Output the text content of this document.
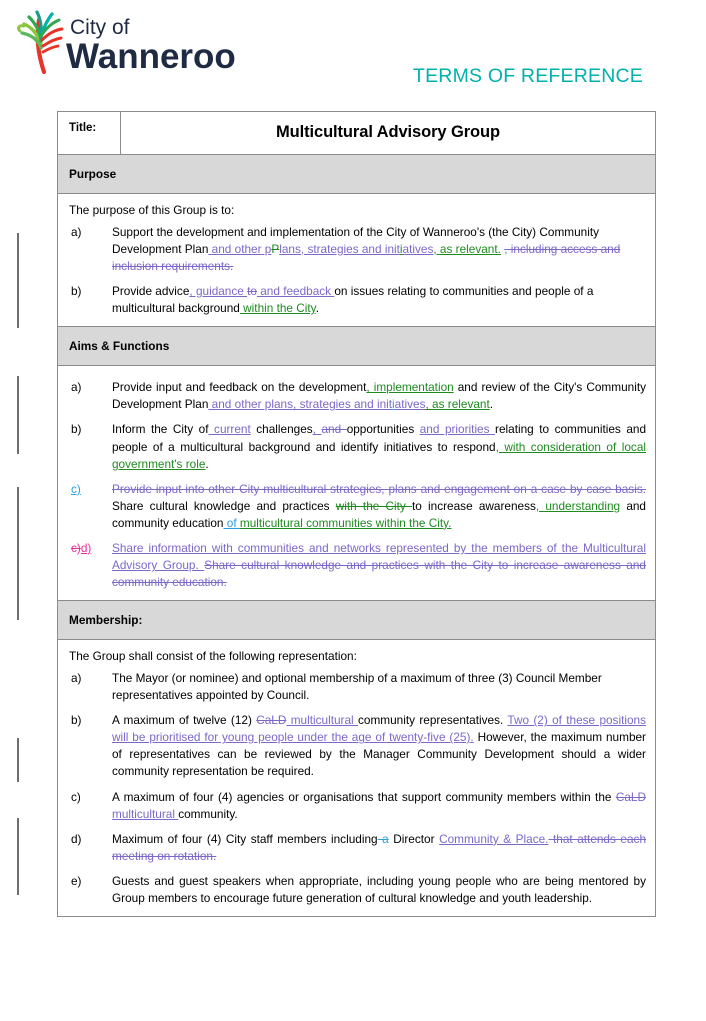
City of
Wanneroo	TERMS OF REFERENCE
Title:	Multicultural Advisory Group

Purpose

The purpose of this Group is to:

a)	Support the development and implementation of the City of Wanneroo's (the City) Community Development Plan and other pPlans, strategies and initiatives, as relevant. , including access and inclusion requirements.
b)	Provide advice, guidance to and feedback on issues relating to communities and people of a multicultural background within the City.

Aims & Functions

a)	Provide input and feedback on the development, implementation and review of the City's Community Development Plan and other plans, strategies and initiatives, as relevant.
b)	Inform the City of current challenges, and opportunities and priorities relating to communities and people of a multicultural background and identify initiatives to respond, with consideration of local government's role.
c)	Provide input into other City multicultural strategies, plans and engagement on a case by case basis. Share cultural knowledge and practices with the City to increase awareness, understanding and community education of multicultural communities within the City.
c)d) Share information with communities and networks represented by the members of the Multicultural Advisory Group. Share cultural knowledge and practices with the City to increase awareness and community education.

Membership:

The Group shall consist of the following representation:

a)	The Mayor (or nominee) and optional membership of a maximum of three (3) Council Member representatives appointed by Council.
b)	A maximum of twelve (12) CaLD multicultural community representatives. Two (2) of these positions will be prioritised for young people under the age of twenty-five (25). However, the maximum number of representatives can be reviewed by the Manager Community Development should a wider community representation be required.
c)	A maximum of four (4) agencies or organisations that support community members within the CaLD multicultural community.
d)	Maximum of four (4) City staff members including a Director Community & Place. that attends each meeting on rotation.
e)	Guests and guest speakers when appropriate, including young people who are being mentored by Group members to encourage future generation of cultural knowledge and youth leadership.
